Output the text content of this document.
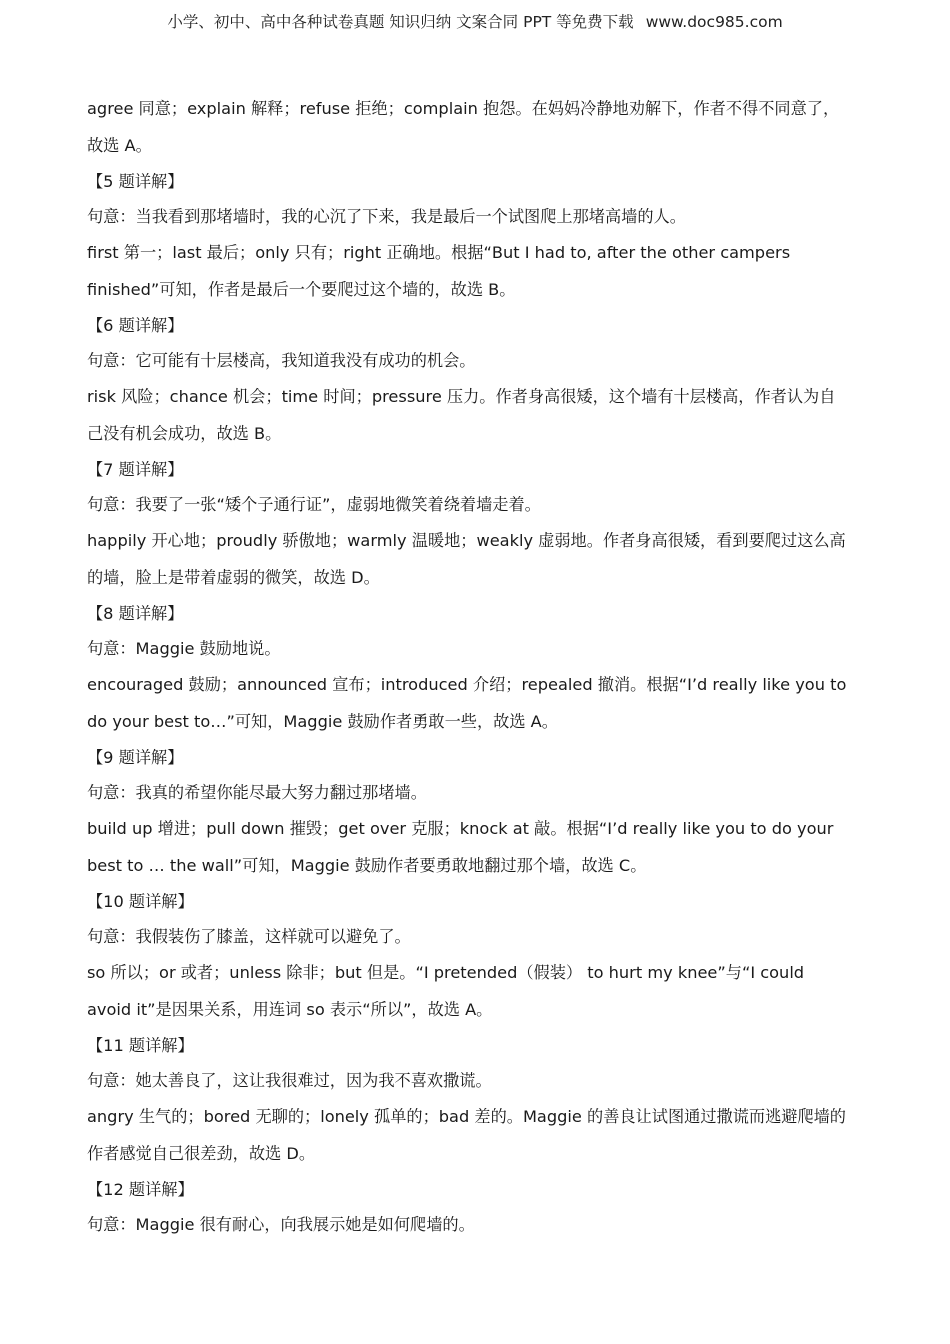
小学、初中、高中各种试卷真题 知识归纳 文案合同 PPT 等免费下载 www.doc985.com
agree 同意；explain 解释；refuse 拒绝；complain 抱怨。在妈妈冷静地劝解下，作者不得不同意了，
故选 A。
【5 题详解】
句意：当我看到那堵墙时，我的心沉了下来，我是最后一个试图爬上那堵高墙的人。
first 第一；last 最后；only 只有；right 正确地。根据“But I had to, after the other campers
finished”可知，作者是最后一个要爬过这个墙的，故选 B。
【6 题详解】
句意：它可能有十层楼高，我知道我没有成功的机会。
risk 风险；chance 机会；time 时间；pressure 压力。作者身高很矮，这个墙有十层楼高，作者认为自
己没有机会成功，故选 B。
【7 题详解】
句意：我要了一张“矮个子通行证”，虚弱地微笑着绕着墙走着。
happily 开心地；proudly 骄傲地；warmly 温暖地；weakly 虚弱地。作者身高很矮，看到要爬过这么高
的墙，脸上是带着虚弱的微笑，故选 D。
【8 题详解】
句意：Maggie 鼓励地说。
encouraged 鼓励；announced 宣布；introduced 介绍；repealed 撤消。根据“I’d really like you to
do your best to…”可知，Maggie 鼓励作者勇敢一些，故选 A。
【9 题详解】
句意：我真的希望你能尽最大努力翻过那堵墙。
build up 增进；pull down 摧毁；get over 克服；knock at 敲。根据“I’d really like you to do your
best to … the wall”可知，Maggie 鼓励作者要勇敢地翻过那个墙，故选 C。
【10 题详解】
句意：我假装伤了膝盖，这样就可以避免了。
so 所以；or 或者；unless 除非；but 但是。“I pretended（假装） to hurt my knee”与“I could
avoid it”是因果关系，用连词 so 表示“所以”，故选 A。
【11 题详解】
句意：她太善良了，这让我很难过，因为我不喜欢撒谎。
angry 生气的；bored 无聊的；lonely 孤单的；bad 差的。Maggie 的善良让试图通过撒谎而逃避爬墙的
作者感觉自己很差劲，故选 D。
【12 题详解】
句意：Maggie 很有耐心，向我展示她是如何爬墙的。
